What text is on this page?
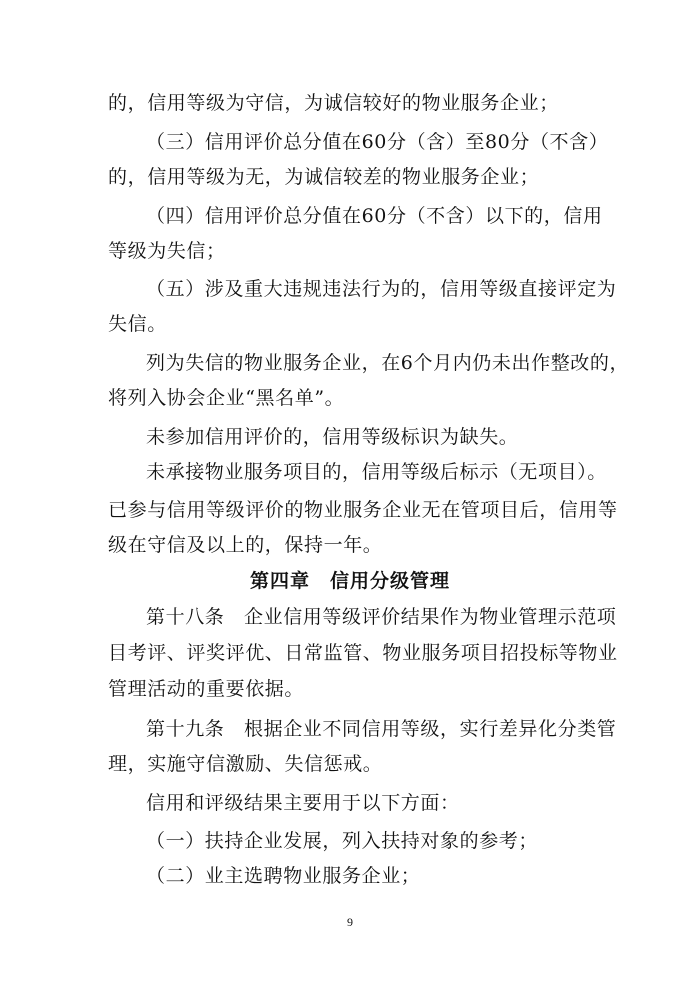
的，信用等级为守信，为诚信较好的物业服务企业；
（三）信用评价总分值在60分（含）至80分（不含）
的，信用等级为无，为诚信较差的物业服务企业；
（四）信用评价总分值在60分（不含）以下的，信用
等级为失信；
（五）涉及重大违规违法行为的，信用等级直接评定为
失信。
列为失信的物业服务企业，在6个月内仍未出作整改的，
将列入协会企业“黑名单”。
未参加信用评价的，信用等级标识为缺失。
未承接物业服务项目的，信用等级后标示（无项目）。
已参与信用等级评价的物业服务企业无在管项目后，信用等
级在守信及以上的，保持一年。
第四章　信用分级管理
第十八条　企业信用等级评价结果作为物业管理示范项
目考评、评奖评优、日常监管、物业服务项目招投标等物业
管理活动的重要依据。
第十九条　根据企业不同信用等级，实行差异化分类管
理，实施守信激励、失信惩戒。
信用和评级结果主要用于以下方面：
（一）扶持企业发展，列入扶持对象的参考；
（二）业主选聘物业服务企业；
9
